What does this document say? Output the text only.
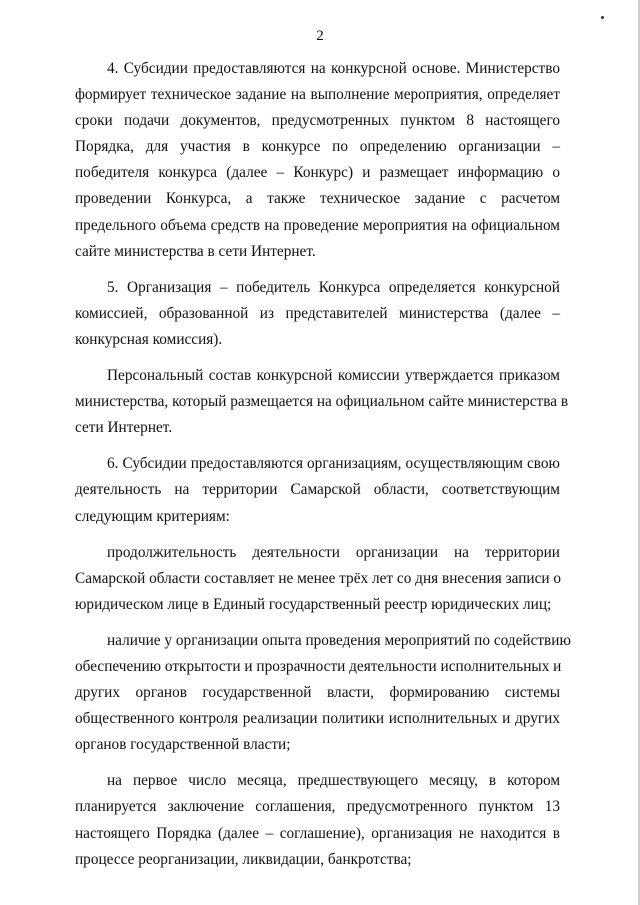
2
4. Субсидии предоставляются на конкурсной основе. Министерство
формирует техническое задание на выполнение мероприятия, определяет
сроки подачи документов, предусмотренных пунктом 8 настоящего
Порядка, для участия в конкурсе по определению организации –
победителя конкурса (далее – Конкурс) и размещает информацию о
проведении Конкурса, а также техническое задание с расчетом
предельного объема средств на проведение мероприятия на официальном
сайте министерства в сети Интернет.
5. Организация – победитель Конкурса определяется конкурсной
комиссией, образованной из представителей министерства (далее –
конкурсная комиссия).
Персональный состав конкурсной комиссии утверждается приказом
министерства, который размещается на официальном сайте министерства в
сети Интернет.
6. Субсидии предоставляются организациям, осуществляющим свою
деятельность на территории Самарской области, соответствующим
следующим критериям:
продолжительность деятельности организации на территории
Самарской области составляет не менее трёх лет со дня внесения записи о
юридическом лице в Единый государственный реестр юридических лиц;
наличие у организации опыта проведения мероприятий по содействию
обеспечению открытости и прозрачности деятельности исполнительных и
других органов государственной власти, формированию системы
общественного контроля реализации политики исполнительных и других
органов государственной власти;
на первое число месяца, предшествующего месяцу, в котором
планируется заключение соглашения, предусмотренного пунктом 13
настоящего Порядка (далее – соглашение), организация не находится в
процессе реорганизации, ликвидации, банкротства;
